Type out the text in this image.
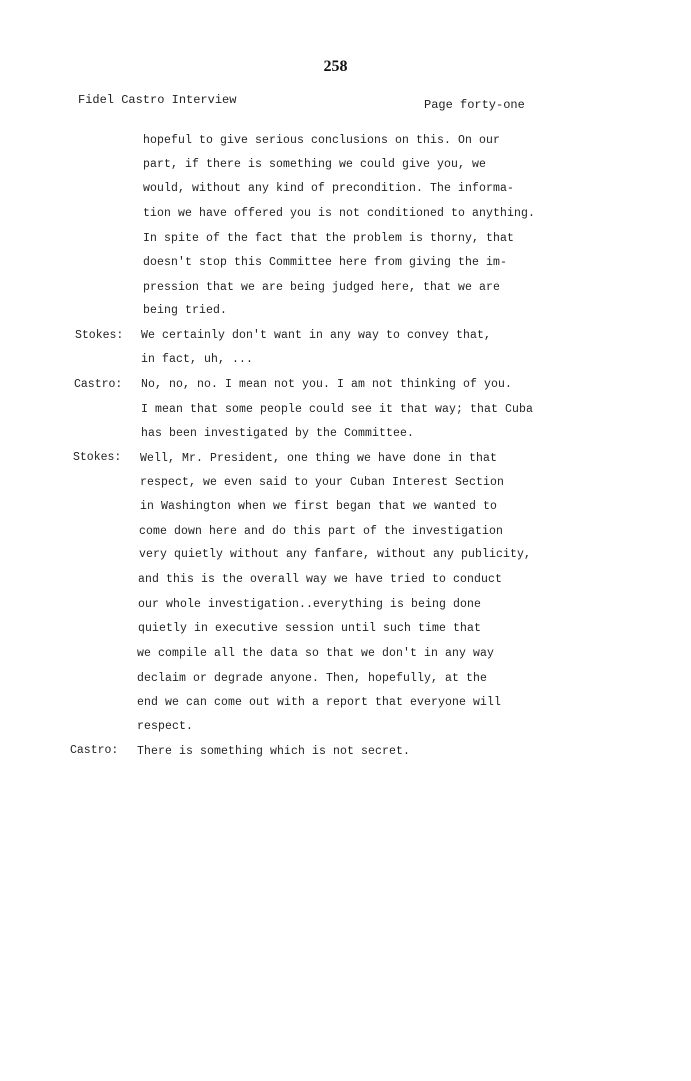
258
Fidel Castro Interview	Page forty-one
hopeful to give serious conclusions on this. On our
part, if there is something we could give you, we
would, without any kind of precondition. The informa-
tion we have offered you is not conditioned to anything.
In spite of the fact that the problem is thorny, that
doesn't stop this Committee here from giving the im-
pression that we are being judged here, that we are
being tried.
Stokes: We certainly don't want in any way to convey that,
in fact, uh, ...
Castro: No, no, no. I mean not you. I am not thinking of you.
I mean that some people could see it that way; that Cuba
has been investigated by the Committee.
Stokes: Well, Mr. President, one thing we have done in that
respect, we even said to your Cuban Interest Section
in Washington when we first began that we wanted to
come down here and do this part of the investigation
very quietly without any fanfare, without any publicity,
and this is the overall way we have tried to conduct
our whole investigation..everything is being done
quietly in executive session until such time that
we compile all the data so that we don't in any way
declaim or degrade anyone. Then, hopefully, at the
end we can come out with a report that everyone will
respect.
Castro: There is something which is not secret.
